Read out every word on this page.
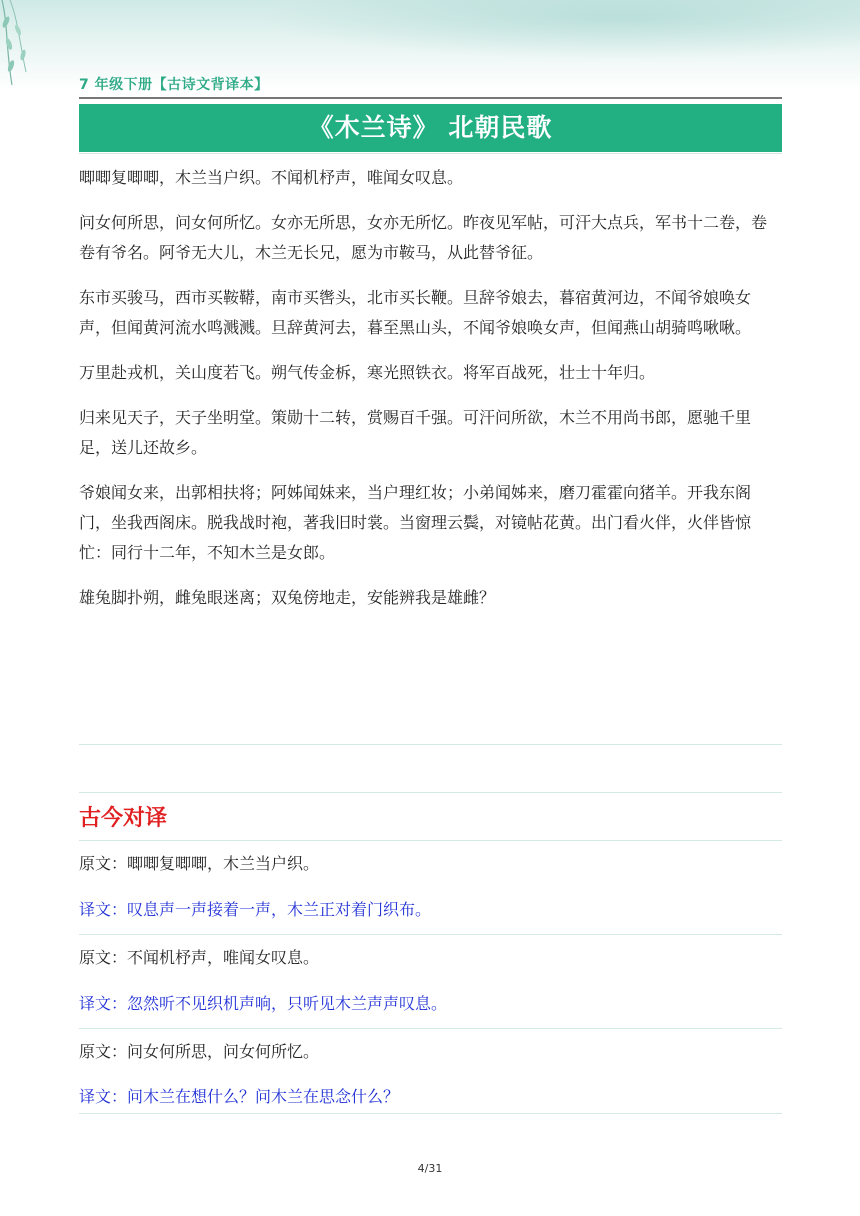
7 年级下册【古诗文背译本】
《木兰诗》 北朝民歌

唧唧复唧唧，木兰当户织。不闻机杼声，唯闻女叹息。

问女何所思，问女何所忆。女亦无所思，女亦无所忆。昨夜见军帖，可汗大点兵，军书十二卷，卷卷有爷名。阿爷无大儿，木兰无长兄，愿为市鞍马，从此替爷征。

东市买骏马，西市买鞍鞯，南市买辔头，北市买长鞭。旦辞爷娘去，暮宿黄河边，不闻爷娘唤女声，但闻黄河流水鸣溅溅。旦辞黄河去，暮至黑山头，不闻爷娘唤女声，但闻燕山胡骑鸣啾啾。

万里赴戎机，关山度若飞。朔气传金柝，寒光照铁衣。将军百战死，壮士十年归。

归来见天子，天子坐明堂。策勋十二转，赏赐百千强。可汗问所欲，木兰不用尚书郎，愿驰千里足，送儿还故乡。

爷娘闻女来，出郭相扶将；阿姊闻妹来，当户理红妆；小弟闻姊来，磨刀霍霍向猪羊。开我东阁门，坐我西阁床。脱我战时袍，著我旧时裳。当窗理云鬓，对镜帖花黄。出门看火伴，火伴皆惊忙：同行十二年，不知木兰是女郎。

雄兔脚扑朔，雌兔眼迷离；双兔傍地走，安能辨我是雄雌？

古今对译
原文：唧唧复唧唧，木兰当户织。
译文：叹息声一声接着一声，木兰正对着门织布。
原文：不闻机杼声，唯闻女叹息。
译文：忽然听不见织机声响，只听见木兰声声叹息。
原文：问女何所思，问女何所忆。
译文：问木兰在想什么？问木兰在思念什么？
4/31
